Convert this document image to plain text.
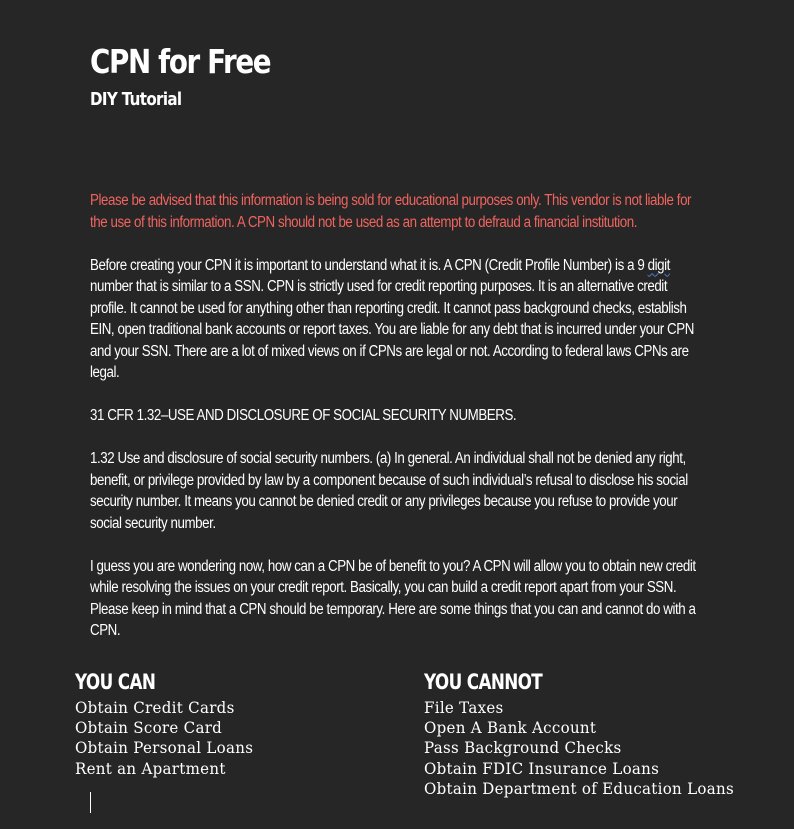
CPN for Free
DIY Tutorial

Please be advised that this information is being sold for educational purposes only. This vendor is not liable for the use of this information. A CPN should not be used as an attempt to defraud a financial institution.

Before creating your CPN it is important to understand what it is. A CPN (Credit Profile Number) is a 9 digit number that is similar to a SSN. CPN is strictly used for credit reporting purposes. It is an alternative credit profile. It cannot be used for anything other than reporting credit. It cannot pass background checks, establish EIN, open traditional bank accounts or report taxes. You are liable for any debt that is incurred under your CPN and your SSN. There are a lot of mixed views on if CPNs are legal or not. According to federal laws CPNs are legal.

31 CFR 1.32–USE AND DISCLOSURE OF SOCIAL SECURITY NUMBERS.

1.32 Use and disclosure of social security numbers. (a) In general. An individual shall not be denied any right, benefit, or privilege provided by law by a component because of such individual’s refusal to disclose his social security number. It means you cannot be denied credit or any privileges because you refuse to provide your social security number.

I guess you are wondering now, how can a CPN be of benefit to you? A CPN will allow you to obtain new credit while resolving the issues on your credit report. Basically, you can build a credit report apart from your SSN. Please keep in mind that a CPN should be temporary. Here are some things that you can and cannot do with a CPN.

YOU CAN
Obtain Credit Cards
Obtain Score Card
Obtain Personal Loans
Rent an Apartment
YOU CANNOT
File Taxes
Open A Bank Account
Pass Background Checks
Obtain FDIC Insurance Loans
Obtain Department of Education Loans
